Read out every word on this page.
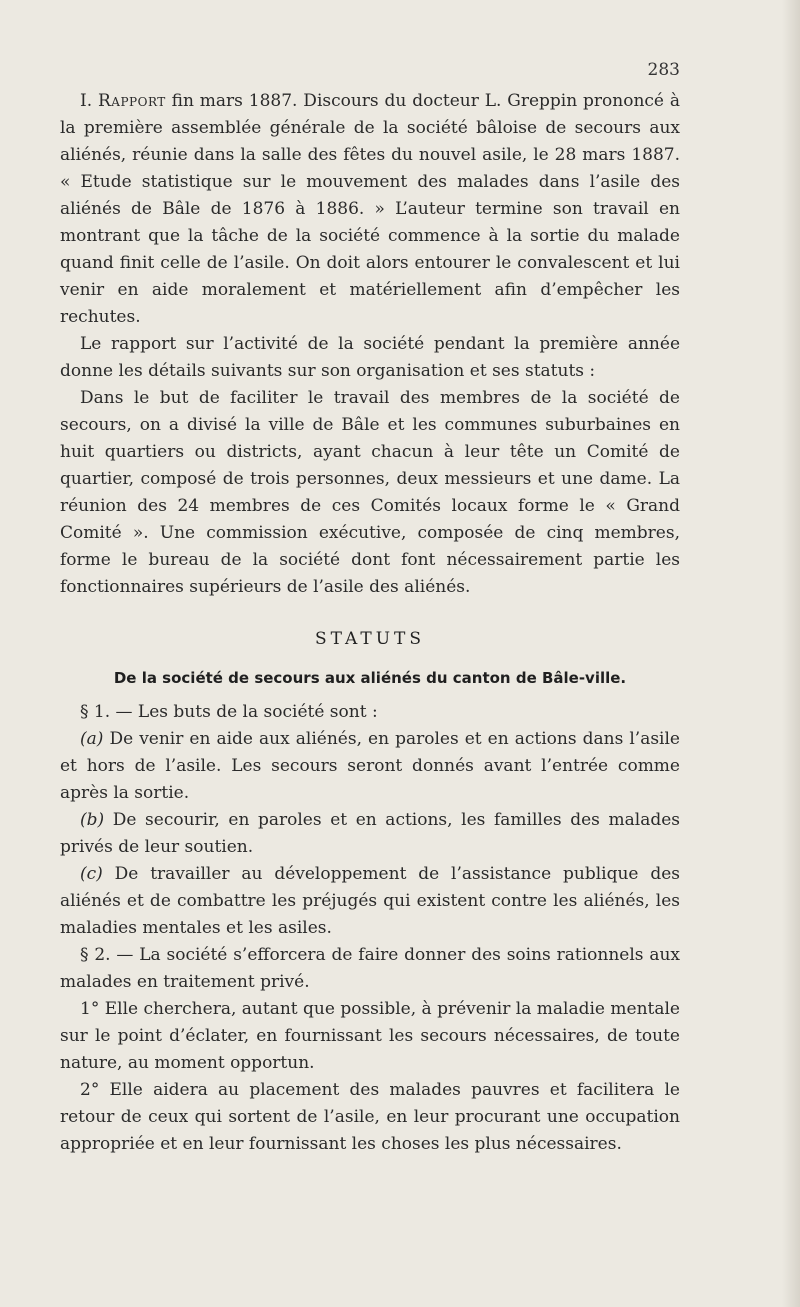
283

I. Rapport fin mars 1887. Discours du docteur L. Greppin prononcé à la première assemblée générale de la société bâloise de secours aux aliénés, réunie dans la salle des fêtes du nouvel asile, le 28 mars 1887. « Etude statistique sur le mouvement des malades dans l’asile des aliénés de Bâle de 1876 à 1886. » L’auteur termine son travail en montrant que la tâche de la société commence à la sortie du malade quand finit celle de l’asile. On doit alors entourer le convalescent et lui venir en aide moralement et matériellement afin d’empêcher les rechutes.

Le rapport sur l’activité de la société pendant la première année donne les détails suivants sur son organisation et ses statuts :

Dans le but de faciliter le travail des membres de la société de secours, on a divisé la ville de Bâle et les communes suburbaines en huit quartiers ou districts, ayant chacun à leur tête un Comité de quartier, composé de trois personnes, deux messieurs et une dame. La réunion des 24 membres de ces Comités locaux forme le « Grand Comité ». Une commission exécutive, composée de cinq membres, forme le bureau de la société dont font nécessairement partie les fonctionnaires supérieurs de l’asile des aliénés.

STATUTS
De la société de secours aux aliénés du canton de Bâle-ville.

§ 1. — Les buts de la société sont :

(a) De venir en aide aux aliénés, en paroles et en actions dans l’asile et hors de l’asile. Les secours seront donnés avant l’entrée comme après la sortie.

(b) De secourir, en paroles et en actions, les familles des malades privés de leur soutien.

(c) De travailler au développement de l’assistance publique des aliénés et de combattre les préjugés qui existent contre les aliénés, les maladies mentales et les asiles.

§ 2. — La société s’efforcera de faire donner des soins rationnels aux malades en traitement privé.

1° Elle cherchera, autant que possible, à prévenir la maladie mentale sur le point d’éclater, en fournissant les secours nécessaires, de toute nature, au moment opportun.

2° Elle aidera au placement des malades pauvres et facilitera le retour de ceux qui sortent de l’asile, en leur procurant une occupation appropriée et en leur fournissant les choses les plus nécessaires.
